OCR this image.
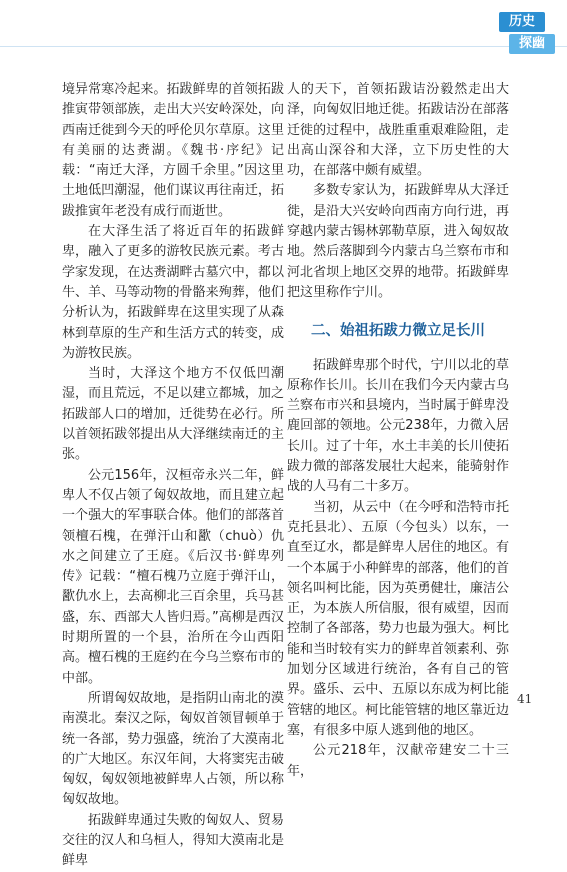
历史
探幽

境异常寒冷起来。拓跋鲜卑的首领拓跋推寅带领部族，走出大兴安岭深处，向西南迁徙到今天的呼伦贝尔草原。这里有美丽的达赉湖。《魏书·序纪》记载：“南迁大泽，方圆千余里。”因这里土地低凹潮湿，他们谋议再往南迁，拓跋推寅年老没有成行而逝世。

在大泽生活了将近百年的拓跋鲜卑，融入了更多的游牧民族元素。考古学家发现，在达赉湖畔古墓穴中，都以牛、羊、马等动物的骨骼来殉葬，他们分析认为，拓跋鲜卑在这里实现了从森林到草原的生产和生活方式的转变，成为游牧民族。

当时，大泽这个地方不仅低凹潮湿，而且荒远，不足以建立都城，加之拓跋部人口的增加，迁徙势在必行。所以首领拓跋邻提出从大泽继续南迁的主张。

公元156年，汉桓帝永兴二年，鲜卑人不仅占领了匈奴故地，而且建立起一个强大的军事联合体。他们的部落首领檀石槐，在弹汗山和歠（chuò）仇水之间建立了王庭。《后汉书·鲜卑列传》记载：“檀石槐乃立庭于弹汗山，歠仇水上，去高柳北三百余里，兵马甚盛，东、西部大人皆归焉。”高柳是西汉时期所置的一个县，治所在今山西阳高。檀石槐的王庭约在今乌兰察布市的中部。

所谓匈奴故地，是指阴山南北的漠南漠北。秦汉之际，匈奴首领冒顿单于统一各部，势力强盛，统治了大漠南北的广大地区。东汉年间，大将窦宪击破匈奴，匈奴领地被鲜卑人占领，所以称匈奴故地。

拓跋鲜卑通过失败的匈奴人、贸易交往的汉人和乌桓人，得知大漠南北是鲜卑

人的天下，首领拓跋诘汾毅然走出大泽，向匈奴旧地迁徙。拓跋诘汾在部落迁徙的过程中，战胜重重艰难险阻，走出高山深谷和大泽，立下历史性的大功，在部落中颇有威望。

多数专家认为，拓跋鲜卑从大泽迁徙，是沿大兴安岭向西南方向行进，再穿越内蒙古锡林郭勒草原，进入匈奴故地。然后落脚到今内蒙古乌兰察布市和河北省坝上地区交界的地带。拓跋鲜卑把这里称作宁川。

二、始祖拓跋力微立足长川

拓跋鲜卑那个时代，宁川以北的草原称作长川。长川在我们今天内蒙古乌兰察布市兴和县境内，当时属于鲜卑没鹿回部的领地。公元238年，力微入居长川。过了十年，水土丰美的长川使拓跋力微的部落发展壮大起来，能骑射作战的人马有二十多万。

当初，从云中（在今呼和浩特市托克托县北）、五原（今包头）以东，一直至辽水，都是鲜卑人居住的地区。有一个本属于小种鲜卑的部落，他们的首领名叫柯比能，因为英勇健壮，廉洁公正，为本族人所信服，很有威望，因而控制了各部落，势力也最为强大。柯比能和当时较有实力的鲜卑首领素利、弥加划分区域进行统治，各有自己的管界。盛乐、云中、五原以东成为柯比能管辖的地区。柯比能管辖的地区靠近边塞，有很多中原人逃到他的地区。

公元218年，汉献帝建安二十三年，

41
